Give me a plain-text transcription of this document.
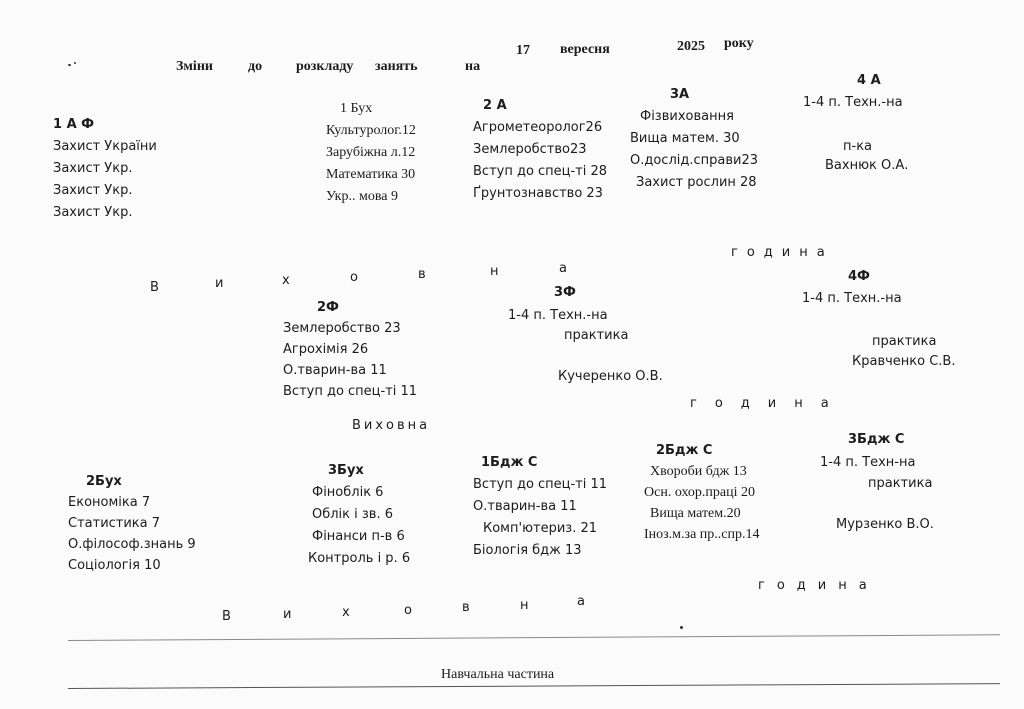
Зміни	до розкладу занять	на
17 вересня	2025 року
1 А Ф
Захист України
Захист Укр.
Захист Укр.
Захист Укр.
1 Бух
Культуролог.12
Зарубіжна л.12
Математика 30
Укр.. мова 9
2 А
Агрометеоролог26
Землеробство23
Вступ до спец-ті 28
Ґрунтознавство 23
3А
Фізвиховання
Вища матем. 30
О.дослід.справи23
Захист рослин 28
4 А
1-4 п. Техн.-на
п-ка
Вахнюк О.А.
В	и	х	о	в	н	а
година
2Ф
Землеробство 23
Агрохімія 26
О.тварин-ва 11
Вступ до спец-ті 11
3Ф
1-4 п. Техн.-на
практика
Кучеренко О.В.
4Ф
1-4 п. Техн.-на
практика
Кравченко С.В.
Виховна
година
2Бух
Економіка 7
Статистика 7
О.філософ.знань 9
Соціологія 10
3Бух
Фіноблік 6
Облік і зв. 6
Фінанси п-в 6
Контроль і р. 6
1Бдж С
Вступ до спец-ті 11
О.тварин-ва 11
Комп'ютериз. 21
Біологія бдж 13
2Бдж С
Хвороби бдж 13
Осн. охор.праці 20
Вища матем.20
Іноз.м.за пр..спр.14
3Бдж С
1-4 п. Техн-на
практика
Мурзенко В.О.
В	и	х	о	в	н	а
година
Навчальна частина
